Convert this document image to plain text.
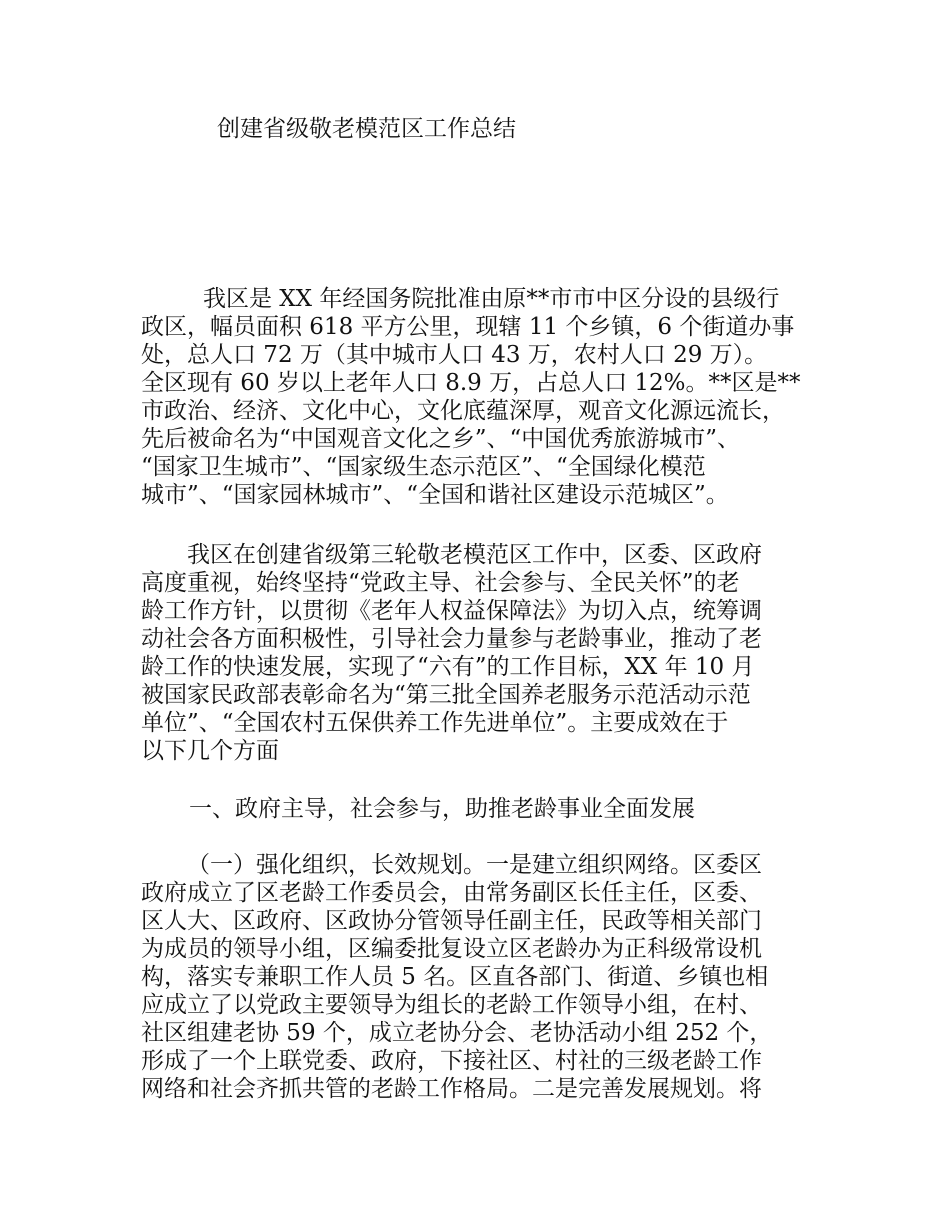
创建省级敬老模范区工作总结

我区是 XX 年经国务院批准由原**市市中区分设的县级行
政区，幅员面积 618 平方公里，现辖 11 个乡镇，6 个街道办事
处，总人口 72 万（其中城市人口 43 万，农村人口 29 万）。
全区现有 60 岁以上老年人口 8.9 万，占总人口 12%。**区是**
市政治、经济、文化中心，文化底蕴深厚，观音文化源远流长，
先后被命名为“中国观音文化之乡”、“中国优秀旅游城市”、
“国家卫生城市”、“国家级生态示范区”、“全国绿化模范
城市”、“国家园林城市”、“全国和谐社区建设示范城区”。

我区在创建省级第三轮敬老模范区工作中，区委、区政府
高度重视，始终坚持“党政主导、社会参与、全民关怀”的老
龄工作方针，以贯彻《老年人权益保障法》为切入点，统筹调
动社会各方面积极性，引导社会力量参与老龄事业，推动了老
龄工作的快速发展，实现了“六有”的工作目标，XX 年 10 月
被国家民政部表彰命名为“第三批全国养老服务示范活动示范
单位”、“全国农村五保供养工作先进单位”。主要成效在于
以下几个方面

一、政府主导，社会参与，助推老龄事业全面发展

（一）强化组织，长效规划。一是建立组织网络。区委区
政府成立了区老龄工作委员会，由常务副区长任主任，区委、
区人大、区政府、区政协分管领导任副主任，民政等相关部门
为成员的领导小组，区编委批复设立区老龄办为正科级常设机
构，落实专兼职工作人员 5 名。区直各部门、街道、乡镇也相
应成立了以党政主要领导为组长的老龄工作领导小组，在村、
社区组建老协 59 个，成立老协分会、老协活动小组 252 个，
形成了一个上联党委、政府，下接社区、村社的三级老龄工作
网络和社会齐抓共管的老龄工作格局。二是完善发展规划。将
